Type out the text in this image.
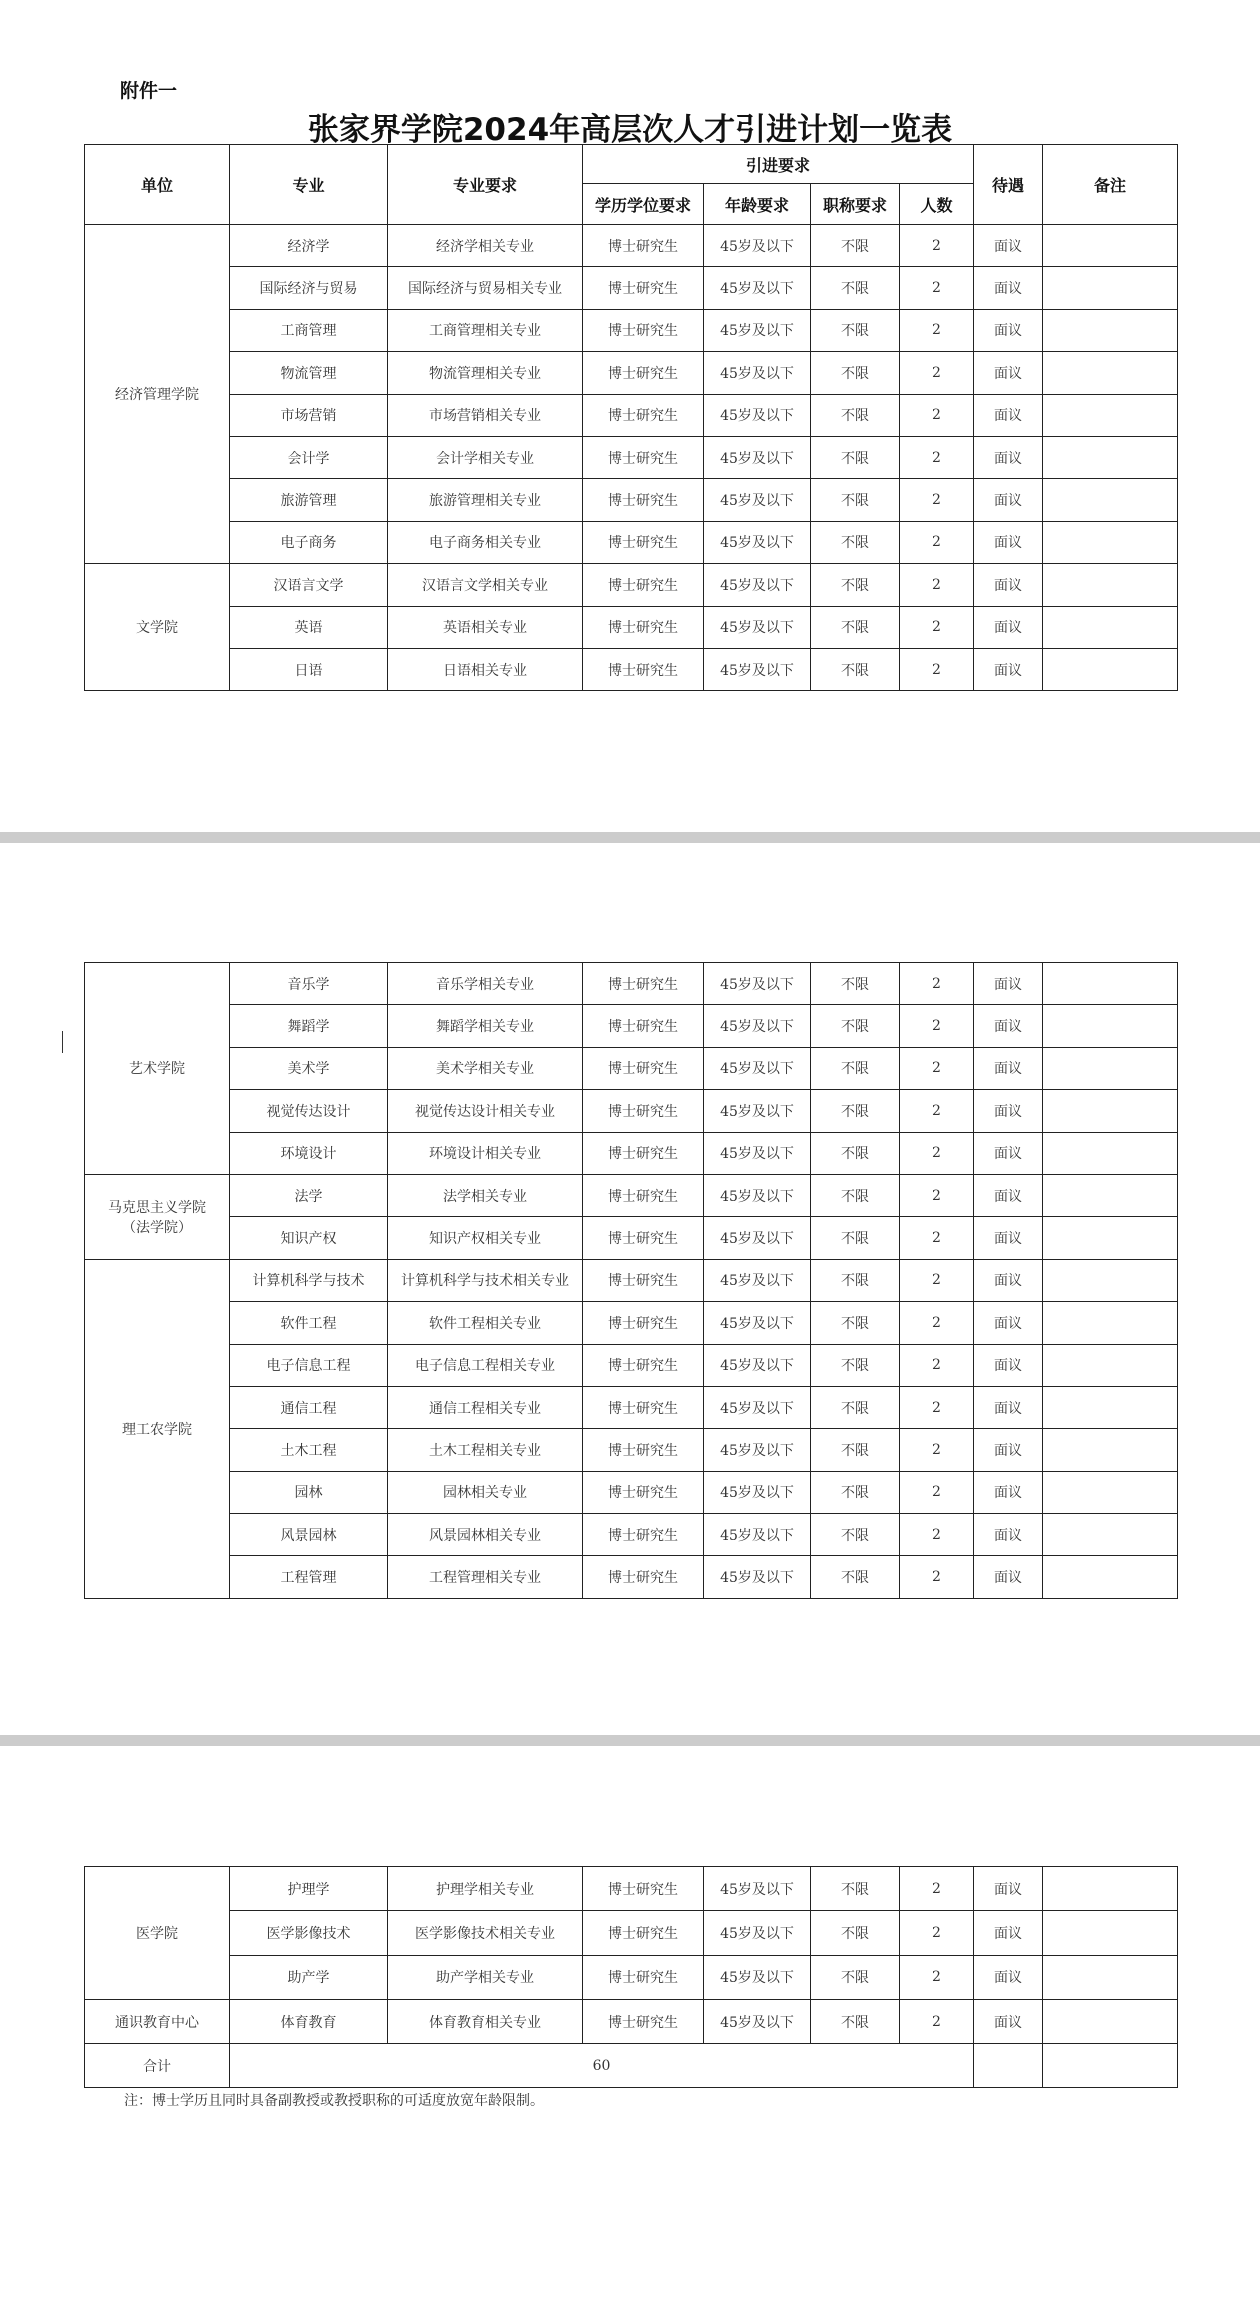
附件一
张家界学院2024年高层次人才引进计划一览表
单位	专业	专业要求	引进要求				待遇	备注
			学历学位要求	年龄要求	职称要求	人数		
经济管理学院	经济学	经济学相关专业	博士研究生	45岁及以下	不限	2	面议	
	国际经济与贸易	国际经济与贸易相关专业	博士研究生	45岁及以下	不限	2	面议	
	工商管理	工商管理相关专业	博士研究生	45岁及以下	不限	2	面议	
	物流管理	物流管理相关专业	博士研究生	45岁及以下	不限	2	面议	
	市场营销	市场营销相关专业	博士研究生	45岁及以下	不限	2	面议	
	会计学	会计学相关专业	博士研究生	45岁及以下	不限	2	面议	
	旅游管理	旅游管理相关专业	博士研究生	45岁及以下	不限	2	面议	
	电子商务	电子商务相关专业	博士研究生	45岁及以下	不限	2	面议	
文学院	汉语言文学	汉语言文学相关专业	博士研究生	45岁及以下	不限	2	面议	
	英语	英语相关专业	博士研究生	45岁及以下	不限	2	面议	
	日语	日语相关专业	博士研究生	45岁及以下	不限	2	面议	
艺术学院	音乐学	音乐学相关专业	博士研究生	45岁及以下	不限	2	面议	
	舞蹈学	舞蹈学相关专业	博士研究生	45岁及以下	不限	2	面议	
	美术学	美术学相关专业	博士研究生	45岁及以下	不限	2	面议	
	视觉传达设计	视觉传达设计相关专业	博士研究生	45岁及以下	不限	2	面议	
	环境设计	环境设计相关专业	博士研究生	45岁及以下	不限	2	面议	
马克思主义学院（法学院）	法学	法学相关专业	博士研究生	45岁及以下	不限	2	面议	
	知识产权	知识产权相关专业	博士研究生	45岁及以下	不限	2	面议	
理工农学院	计算机科学与技术	计算机科学与技术相关专业	博士研究生	45岁及以下	不限	2	面议	
	软件工程	软件工程相关专业	博士研究生	45岁及以下	不限	2	面议	
	电子信息工程	电子信息工程相关专业	博士研究生	45岁及以下	不限	2	面议	
	通信工程	通信工程相关专业	博士研究生	45岁及以下	不限	2	面议	
	土木工程	土木工程相关专业	博士研究生	45岁及以下	不限	2	面议	
	园林	园林相关专业	博士研究生	45岁及以下	不限	2	面议	
	风景园林	风景园林相关专业	博士研究生	45岁及以下	不限	2	面议	
	工程管理	工程管理相关专业	博士研究生	45岁及以下	不限	2	面议	
医学院	护理学	护理学相关专业	博士研究生	45岁及以下	不限	2	面议	
	医学影像技术	医学影像技术相关专业	博士研究生	45岁及以下	不限	2	面议	
	助产学	助产学相关专业	博士研究生	45岁及以下	不限	2	面议	
通识教育中心	体育教育	体育教育相关专业	博士研究生	45岁及以下	不限	2	面议	
合计	60							
注：博士学历且同时具备副教授或教授职称的可适度放宽年龄限制。
